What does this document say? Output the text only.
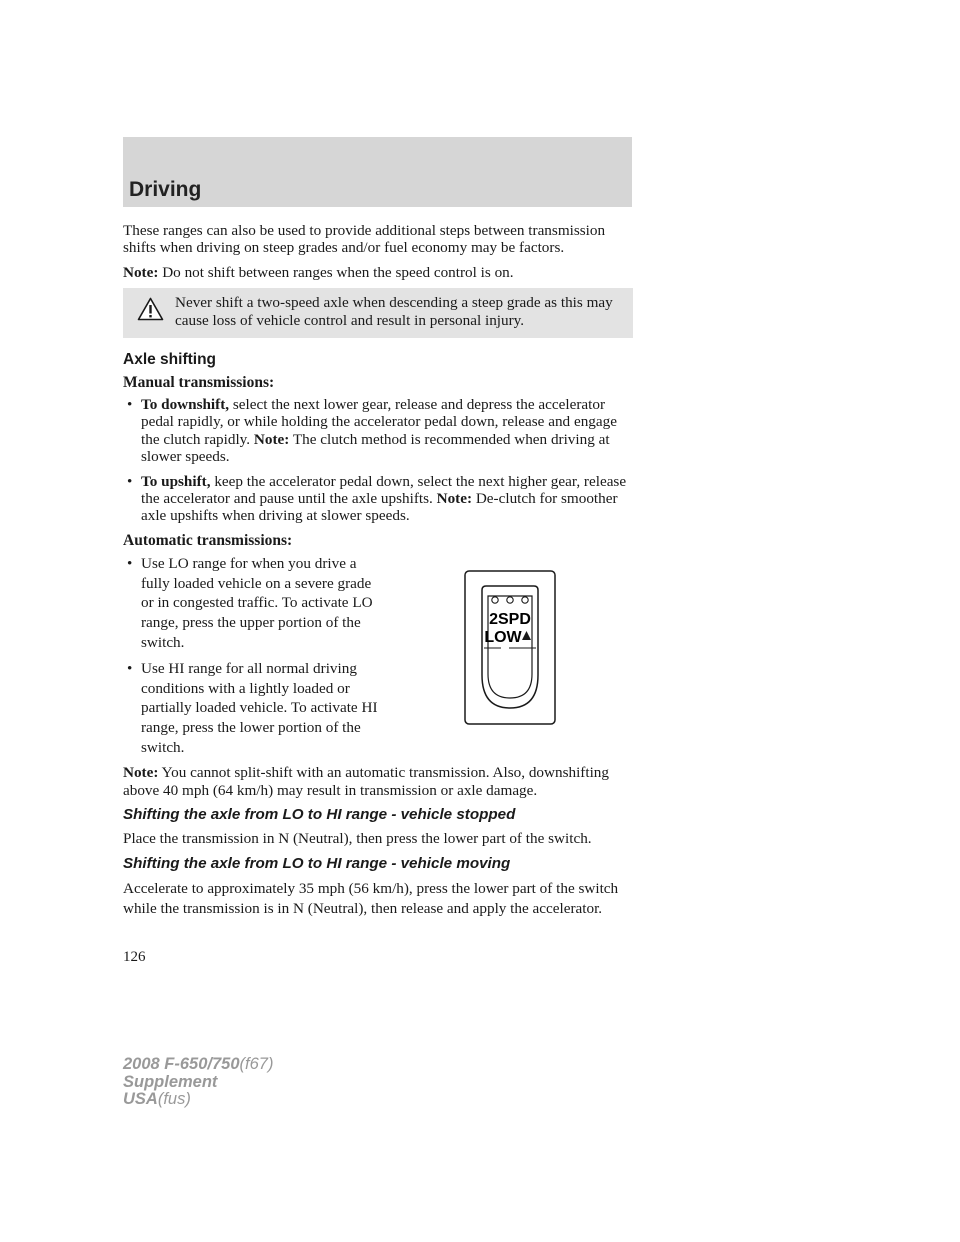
Driving

These ranges can also be used to provide additional steps between transmission shifts when driving on steep grades and/or fuel economy may be factors.

Note: Do not shift between ranges when the speed control is on.

Never shift a two-speed axle when descending a steep grade as this may cause loss of vehicle control and result in personal injury.
Axle shifting
Manual transmissions:
• To downshift, select the next lower gear, release and depress the accelerator pedal rapidly, or while holding the accelerator pedal down, release and engage the clutch rapidly. Note: The clutch method is recommended when driving at slower speeds.
• To upshift, keep the accelerator pedal down, select the next higher gear, release the accelerator and pause until the axle upshifts. Note: De-clutch for smoother axle upshifts when driving at slower speeds.
Automatic transmissions:
• Use LO range for when you drive a fully loaded vehicle on a severe grade or in congested traffic. To activate LO range, press the upper portion of the switch.
• Use HI range for all normal driving conditions with a lightly loaded or partially loaded vehicle. To activate HI range, press the lower portion of the switch.
2SPD
LOW

Note: You cannot split-shift with an automatic transmission. Also, downshifting above 40 mph (64 km/h) may result in transmission or axle damage.

Shifting the axle from LO to HI range - vehicle stopped

Place the transmission in N (Neutral), then press the lower part of the switch.

Shifting the axle from LO to HI range - vehicle moving

Accelerate to approximately 35 mph (56 km/h), press the lower part of the switch while the transmission is in N (Neutral), then release and apply the accelerator.

126
2008 F-650/750(f67)
Supplement
USA(fus)
